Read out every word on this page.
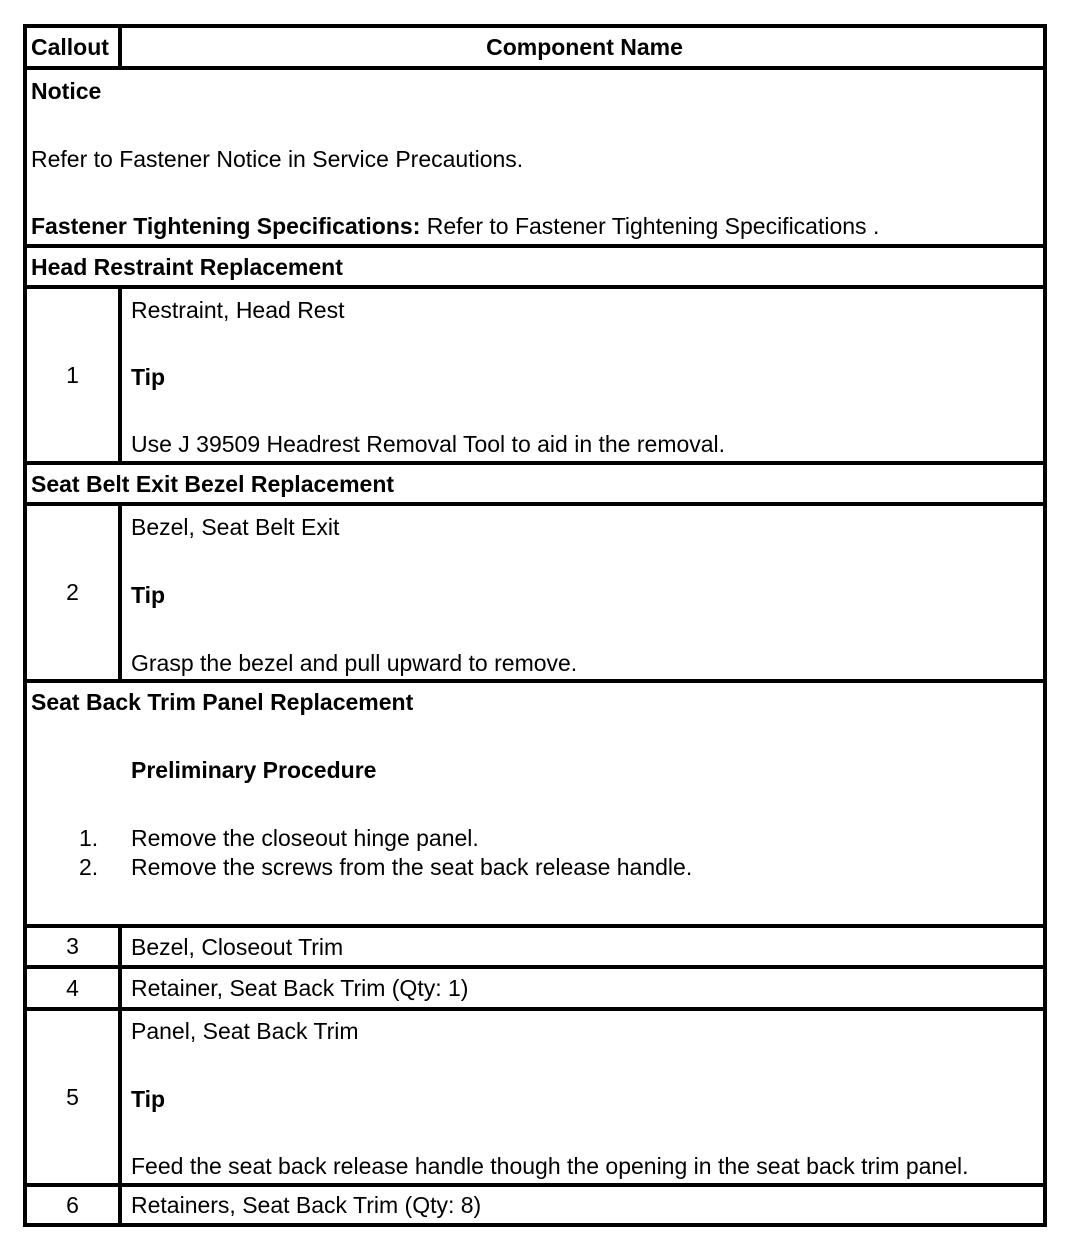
Callout	Component Name
Notice
Refer to Fastener Notice in Service Precautions.
Fastener Tightening Specifications: Refer to Fastener Tightening Specifications .
Head Restraint Replacement
1
Restraint, Head Rest
Tip
Use J 39509 Headrest Removal Tool to aid in the removal.
Seat Belt Exit Bezel Replacement
2
Bezel, Seat Belt Exit
Tip
Grasp the bezel and pull upward to remove.
Seat Back Trim Panel Replacement
Preliminary Procedure
1. Remove the closeout hinge panel.
2. Remove the screws from the seat back release handle.
3 Bezel, Closeout Trim
4 Retainer, Seat Back Trim (Qty: 1)
5
Panel, Seat Back Trim
Tip
Feed the seat back release handle though the opening in the seat back trim panel.
6 Retainers, Seat Back Trim (Qty: 8)
